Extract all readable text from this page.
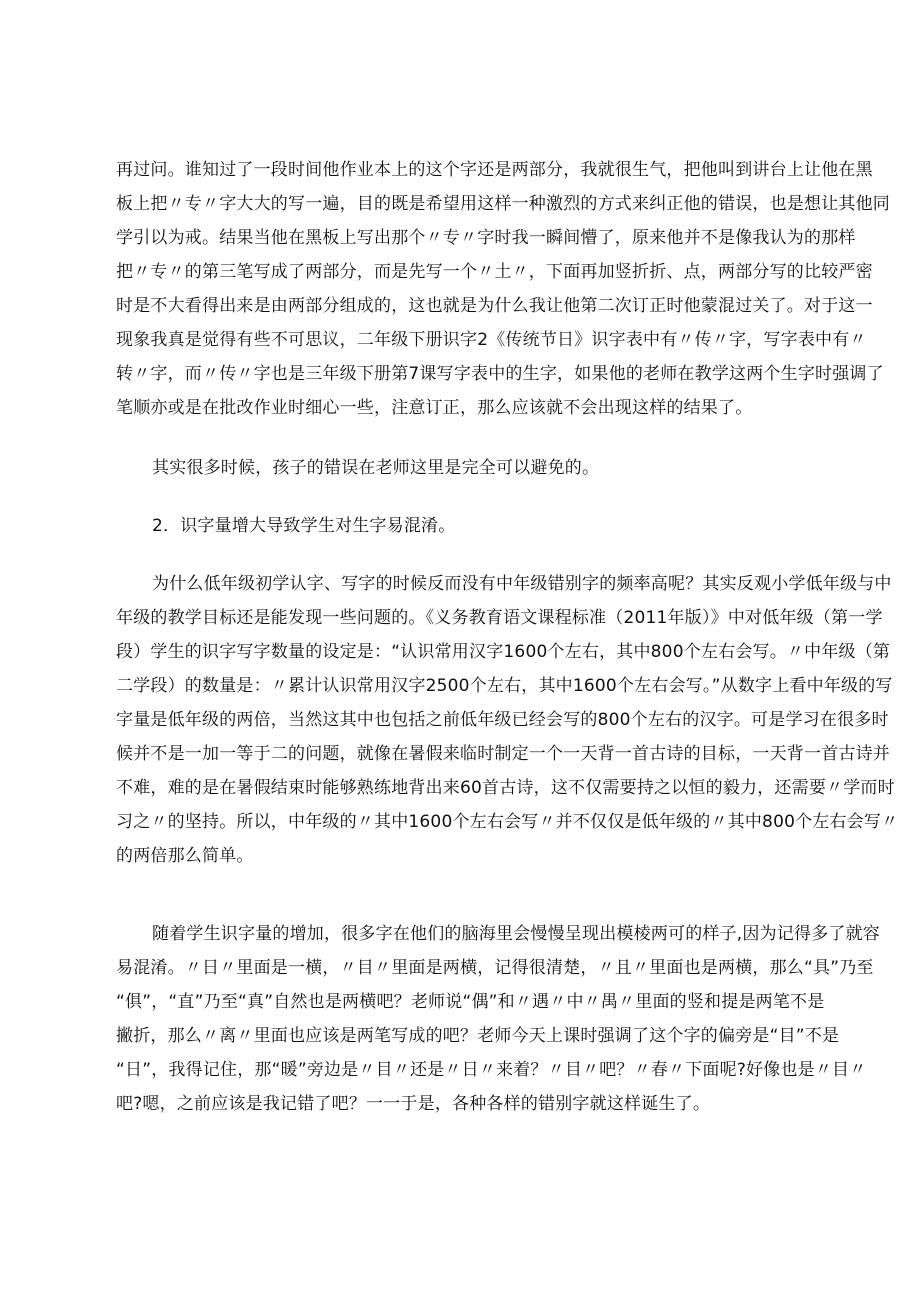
再过问。谁知过了一段时间他作业本上的这个字还是两部分，我就很生气，把他叫到讲台上让他在黑
板上把〃专〃字大大的写一遍，目的既是希望用这样一种激烈的方式来纠正他的错误，也是想让其他同
学引以为戒。结果当他在黑板上写出那个〃专〃字时我一瞬间懵了，原来他并不是像我认为的那样
把〃专〃的第三笔写成了两部分，而是先写一个〃土〃，下面再加竖折折、点，两部分写的比较严密
时是不大看得出来是由两部分组成的，这也就是为什么我让他第二次订正时他蒙混过关了。对于这一
现象我真是觉得有些不可思议，二年级下册识字2《传统节日》识字表中有〃传〃字，写字表中有〃
转〃字，而〃传〃字也是三年级下册第7课写字表中的生字，如果他的老师在教学这两个生字时强调了
笔顺亦或是在批改作业时细心一些，注意订正，那么应该就不会出现这样的结果了。
其实很多时候，孩子的错误在老师这里是完全可以避免的。
2．识字量增大导致学生对生字易混淆。
为什么低年级初学认字、写字的时候反而没有中年级错别字的频率高呢？其实反观小学低年级与中
年级的教学目标还是能发现一些问题的。《义务教育语文课程标准（2011年版）》中对低年级（第一学
段）学生的识字写字数量的设定是：“认识常用汉字1600个左右，其中800个左右会写。〃中年级（第
二学段）的数量是：〃累计认识常用汉字2500个左右，其中1600个左右会写。”从数字上看中年级的写
字量是低年级的两倍，当然这其中也包括之前低年级已经会写的800个左右的汉字。可是学习在很多时
候并不是一加一等于二的问题，就像在暑假来临时制定一个一天背一首古诗的目标，一天背一首古诗并
不难，难的是在暑假结束时能够熟练地背出来60首古诗，这不仅需要持之以恒的毅力，还需要〃学而时
习之〃的坚持。所以，中年级的〃其中1600个左右会写〃并不仅仅是低年级的〃其中800个左右会写〃
的两倍那么简单。
随着学生识字量的增加，很多字在他们的脑海里会慢慢呈现出模棱两可的样子,因为记得多了就容
易混淆。〃日〃里面是一横，〃目〃里面是两横，记得很清楚，〃且〃里面也是两横，那么“具”乃至
“俱”，“直”乃至“真”自然也是两横吧？老师说“偶”和〃遇〃中〃禺〃里面的竖和提是两笔不是
撇折，那么〃离〃里面也应该是两笔写成的吧？老师今天上课时强调了这个字的偏旁是“目”不是
“日”，我得记住，那“暖”旁边是〃目〃还是〃日〃来着？〃目〃吧？〃春〃下面呢?好像也是〃目〃
吧?嗯，之前应该是我记错了吧？一一于是，各种各样的错别字就这样诞生了。
